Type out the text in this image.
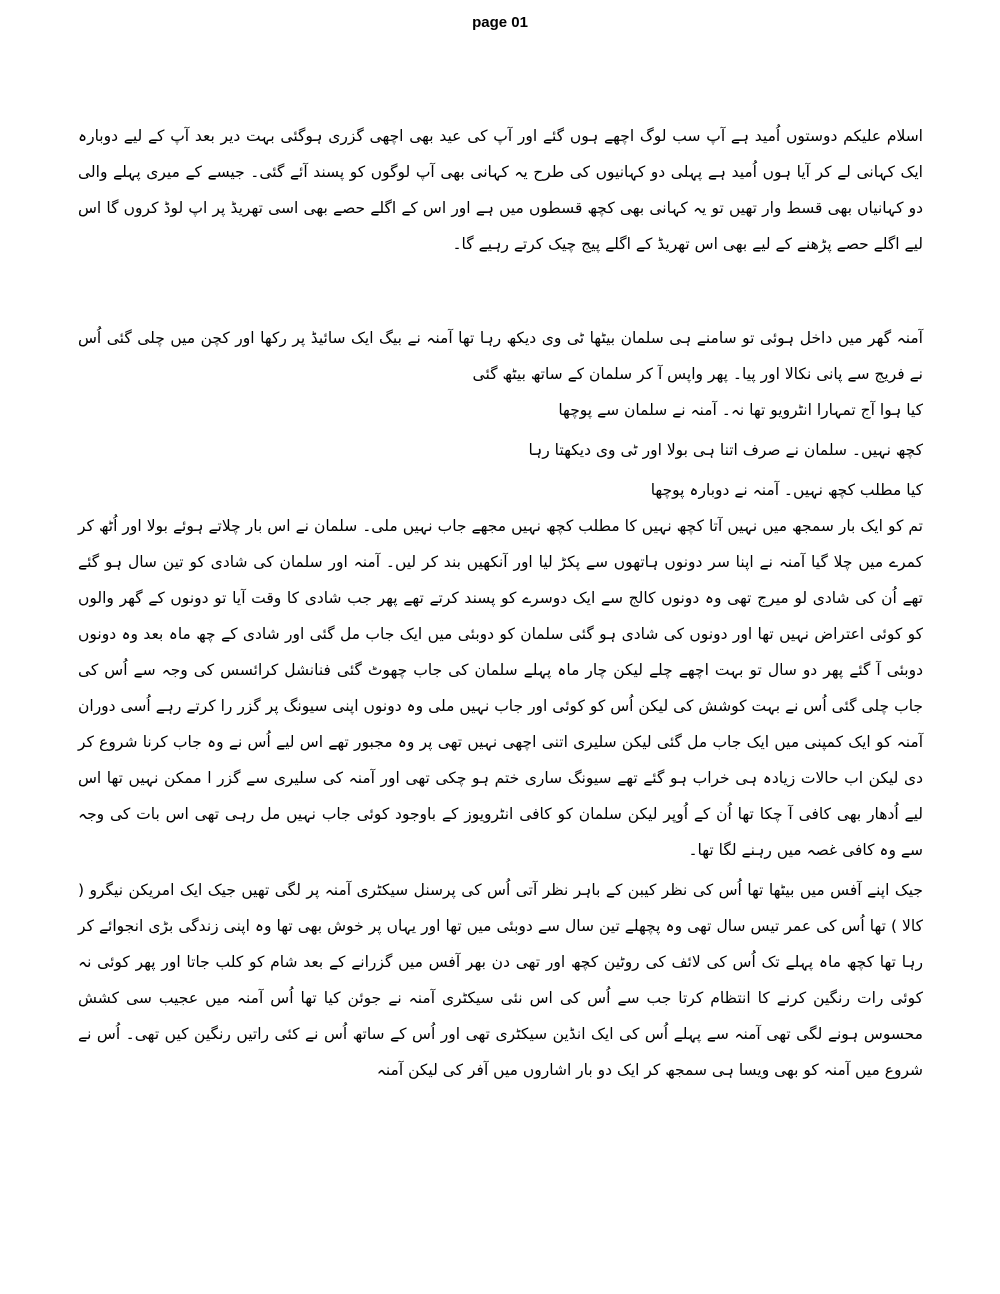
page 01

اسلام علیکم دوستوں اُمید ہے آپ سب لوگ اچھے ہوں گئے اور آپ کی عید بھی اچھی گزری ہوگئی بہت دیر بعد آپ کے لیے دوبارہ ایک کہانی لے کر آیا ہوں اُمید ہے پہلی دو کہانیوں کی طرح یہ کہانی بھی آپ لوگوں کو پسند آئے گئی۔ جیسے کے میری پہلے والی دو کہانیاں بھی قسط وار تھیں تو یہ کہانی بھی کچھ قسطوں میں ہے اور اس کے اگلے حصے بھی اسی تھریڈ پر اپ لوڈ کروں گا اس لیے اگلے حصے پڑھنے کے لیے بھی اس تھریڈ کے اگلے پیج چیک کرتے رہیے گا۔

آمنہ گھر میں داخل ہوئی تو سامنے ہی سلمان بیٹھا ٹی وی دیکھ رہا تھا آمنہ نے بیگ ایک سائیڈ پر رکھا اور کچن میں چلی گئی اُس نے فریج سے پانی نکالا اور پیا۔ پھر واپس آ کر سلمان کے ساتھ بیٹھ گئی

کیا ہوا آج تمہارا انٹرویو تھا نہ۔ آمنہ نے سلمان سے پوچھا

کچھ نہیں۔ سلمان نے صرف اتنا ہی بولا اور ٹی وی دیکھتا رہا

کیا مطلب کچھ نہیں۔ آمنہ نے دوبارہ پوچھا

تم کو ایک بار سمجھ میں نہیں آتا کچھ نہیں کا مطلب کچھ نہیں مجھے جاب نہیں ملی۔ سلمان نے اس بار چلاتے ہوئے بولا اور اُٹھ کر کمرے میں چلا گیا آمنہ نے اپنا سر دونوں ہاتھوں سے پکڑ لیا اور آنکھیں بند کر لیں۔ آمنہ اور سلمان کی شادی کو تین سال ہو گئے تھے اُن کی شادی لو میرج تھی وہ دونوں کالج سے ایک دوسرے کو پسند کرتے تھے پھر جب شادی کا وقت آیا تو دونوں کے گھر والوں کو کوئی اعتراض نہیں تھا اور دونوں کی شادی ہو گئی سلمان کو دوبئی میں ایک جاب مل گئی اور شادی کے چھ ماہ بعد وہ دونوں دوبئی آ گئے پھر دو سال تو بہت اچھے چلے لیکن چار ماہ پہلے سلمان کی جاب چھوٹ گئی فنانشل کرائسس کی وجہ سے اُس کی جاب چلی گئی اُس نے بہت کوشش کی لیکن اُس کو کوئی اور جاب نہیں ملی وہ دونوں اپنی سیونگ پر گزر را کرتے رہے اُسی دوران آمنہ کو ایک کمپنی میں ایک جاب مل گئی لیکن سلیری اتنی اچھی نہیں تھی پر وہ مجبور تھے اس لیے اُس نے وہ جاب کرنا شروع کر دی لیکن اب حالات زیادہ ہی خراب ہو گئے تھے سیونگ ساری ختم ہو چکی تھی اور آمنہ کی سلیری سے گزر ا ممکن نہیں تھا اس لیے اُدھار بھی کافی آ چکا تھا اُن کے اُوپر لیکن سلمان کو کافی انٹرویوز کے باوجود کوئی جاب نہیں مل رہی تھی اس بات کی وجہ سے وہ کافی غصہ میں رہنے لگا تھا۔

جیک اپنے آفس میں بیٹھا تھا اُس کی نظر کیبن کے باہر نظر آتی اُس کی پرسنل سیکٹری آمنہ پر لگی تھیں جیک ایک امریکن نیگرو ( کالا ) تھا اُس کی عمر تیس سال تھی وہ پچھلے تین سال سے دوبئی میں تھا اور یہاں پر خوش بھی تھا وہ اپنی زندگی بڑی انجوائے کر رہا تھا کچھ ماہ پہلے تک اُس کی لائف کی روٹین کچھ اور تھی دن بھر آفس میں گزرانے کے بعد شام کو کلب جاتا اور پھر کوئی نہ کوئی رات رنگین کرنے کا انتظام کرتا جب سے اُس کی اس نئی سیکٹری آمنہ نے جوئن کیا تھا اُس آمنہ میں عجیب سی کشش محسوس ہونے لگی تھی آمنہ سے پہلے اُس کی ایک انڈین سیکٹری تھی اور اُس کے ساتھ اُس نے کئی راتیں رنگین کیں تھی۔ اُس نے شروع میں آمنہ کو بھی ویسا ہی سمجھ کر ایک دو بار اشاروں میں آفر کی لیکن آمنہ
